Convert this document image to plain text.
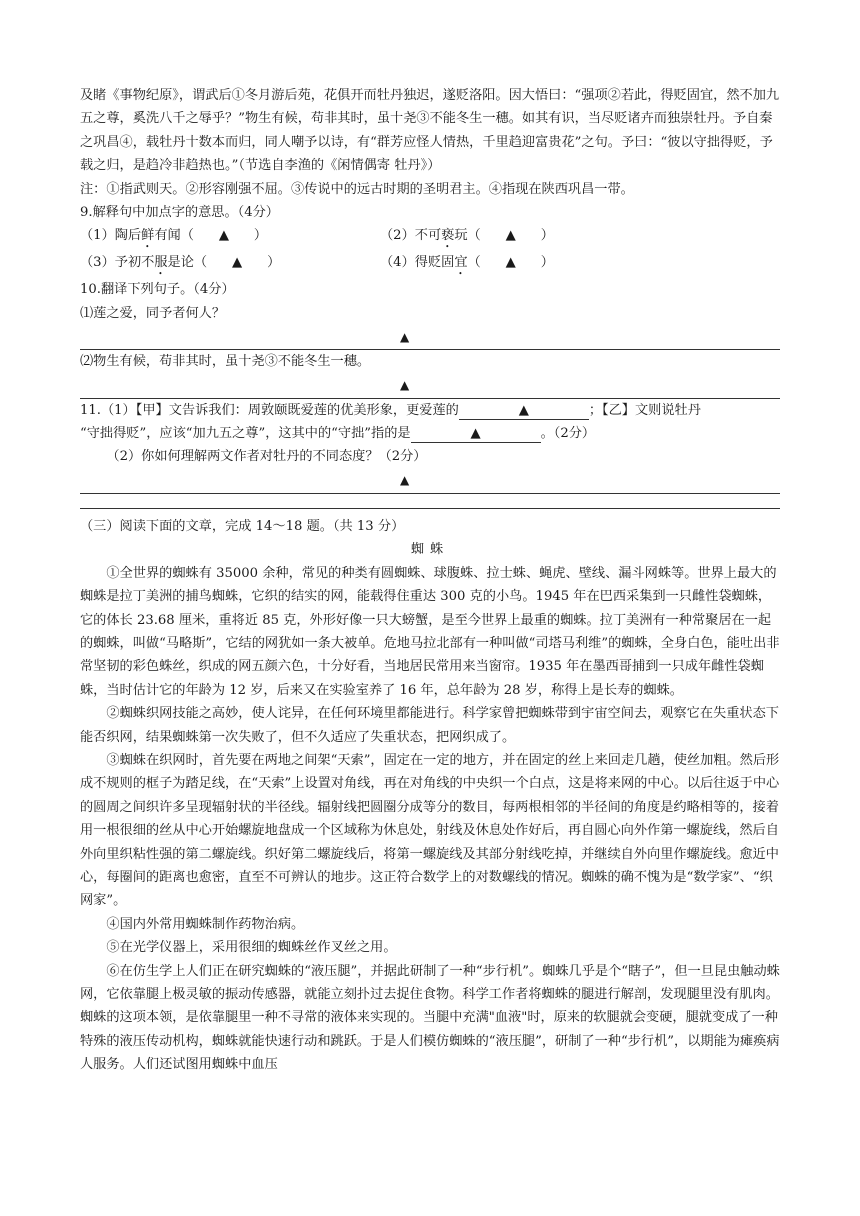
及睹《事物纪原》，谓武后①冬月游后苑，花俱开而牡丹独迟，遂贬洛阳。因大悟曰：“强项②若此，得贬固宜，然不加九五之尊，奚洗八千之辱乎？”物生有候，苟非其时，虽十尧③不能冬生一穗。如其有识，当尽贬诸卉而独崇牡丹。予自秦之巩昌④，载牡丹十数本而归，同人嘲予以诗，有“群芳应怪人情热，千里趋迎富贵花”之句。予曰：“彼以守拙得贬，予载之归，是趋冷非趋热也。”（节选自李渔的《闲情偶寄 牡丹》）

注：①指武则天。②形容刚强不屈。③传说中的远古时期的圣明君主。④指现在陕西巩昌一带。

9.解释句中加点字的意思。（4分）

（1）陶后鲜有闻（ ▲ ）	（2）不可亵玩（ ▲ ）
（3）予初不服是论（ ▲ ）	（4）得贬固宜（ ▲ ）

10.翻译下列句子。（4分）

⑴莲之爱，同予者何人？

▲

⑵物生有候，苟非其时，虽十尧③不能冬生一穗。

▲

11.（1）【甲】文告诉我们：周敦颐既爱莲的优美形象，更爱莲的	▲	；【乙】文则说牡丹

“守拙得贬”，应该“加九五之尊”，这其中的“守拙”指的是	▲	。（2分）

（2）你如何理解两文作者对牡丹的不同态度？（2分）

▲

（三）阅读下面的文章，完成 14～18 题。（共 13 分）

蜘蛛

①全世界的蜘蛛有 35000 余种，常见的种类有圆蜘蛛、球腹蛛、拉士蛛、蝇虎、壁线、漏斗网蛛等。世界上最大的蜘蛛是拉丁美洲的捕鸟蜘蛛，它织的结实的网，能载得住重达 300 克的小鸟。1945 年在巴西采集到一只雌性袋蜘蛛，它的体长 23.68 厘米，重将近 85 克，外形好像一只大螃蟹，是至今世界上最重的蜘蛛。拉丁美洲有一种常聚居在一起的蜘蛛，叫做“马略斯”，它结的网犹如一条大被单。危地马拉北部有一种叫做“司塔马利维”的蜘蛛，全身白色，能吐出非常坚韧的彩色蛛丝，织成的网五颜六色，十分好看，当地居民常用来当窗帘。1935 年在墨西哥捕到一只成年雌性袋蜘蛛，当时估计它的年龄为 12 岁，后来又在实验室养了 16 年，总年龄为 28 岁，称得上是长寿的蜘蛛。

②蜘蛛织网技能之高妙，使人诧异，在任何环境里都能进行。科学家曾把蜘蛛带到宇宙空间去，观察它在失重状态下能否织网，结果蜘蛛第一次失败了，但不久适应了失重状态，把网织成了。

③蜘蛛在织网时，首先要在两地之间架“天索”，固定在一定的地方，并在固定的丝上来回走几趟，使丝加粗。然后形成不规则的框子为踏足线，在“天索”上设置对角线，再在对角线的中央织一个白点，这是将来网的中心。以后往返于中心的圆周之间织许多呈现辐射状的半径线。辐射线把圆圈分成等分的数目，每两根相邻的半径间的角度是约略相等的，接着用一根很细的丝从中心开始螺旋地盘成一个区域称为休息处，射线及休息处作好后，再自圆心向外作第一螺旋线，然后自外向里织粘性强的第二螺旋线。织好第二螺旋线后，将第一螺旋线及其部分射线吃掉，并继续自外向里作螺旋线。愈近中心，每圈间的距离也愈密，直至不可辨认的地步。这正符合数学上的对数螺线的情况。蜘蛛的确不愧为是“数学家”、“织网家”。

④国内外常用蜘蛛制作药物治病。

⑤在光学仪器上，采用很细的蜘蛛丝作叉丝之用。

⑥在仿生学上人们正在研究蜘蛛的“液压腿”，并据此研制了一种“步行机”。蜘蛛几乎是个“瞎子”，但一旦昆虫触动蛛网，它依靠腿上极灵敏的振动传感器，就能立刻扑过去捉住食物。科学工作者将蜘蛛的腿进行解剖，发现腿里没有肌肉。蜘蛛的这项本领，是依靠腿里一种不寻常的液体来实现的。当腿中充满"血液"时，原来的软腿就会变硬，腿就变成了一种特殊的液压传动机构，蜘蛛就能快速行动和跳跃。于是人们模仿蜘蛛的“液压腿”，研制了一种“步行机”，以期能为瘫痪病人服务。人们还试图用蜘蛛中血压
